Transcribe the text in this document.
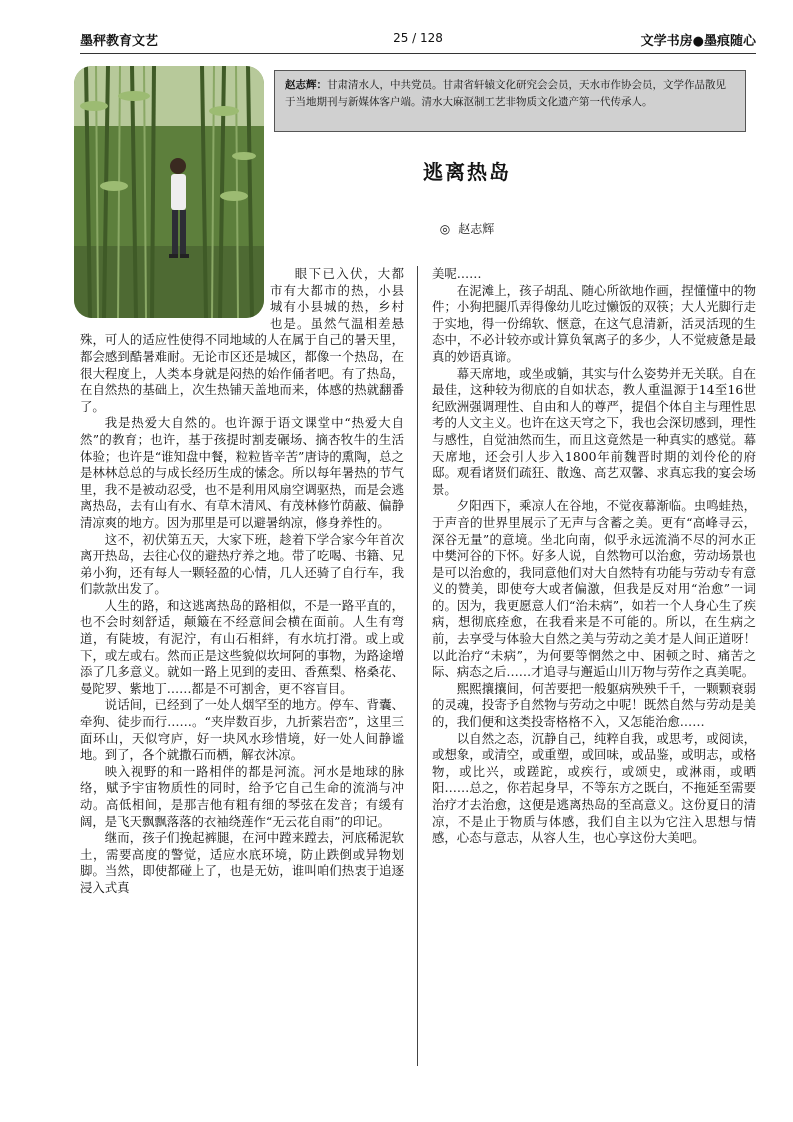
墨秤教育文艺	25 / 128	文学书房●墨痕随心
赵志辉：甘肃清水人，中共党员。甘肃省轩辕文化研究会会员，天水市作协会员，文学作品散见于当地期刊与新媒体客户端。清水大麻沤制工艺非物质文化遗产第一代传承人。
逃离热岛
◎ 赵志辉

眼下已入伏，大都市有大都市的热，小县城有小县城的热，乡村也是。虽然气温相差悬殊，可人的适应性使得不同地域的人在属于自己的暑天里，都会感到酷暑难耐。无论市区还是城区，都像一个热岛，在很大程度上，人类本身就是闷热的始作俑者吧。有了热岛，在自然热的基础上，次生热铺天盖地而来，体感的热就翻番了。

我是热爱大自然的。也许源于语文课堂中“热爱大自然”的教育；也许，基于孩提时割麦碾场、摘杏牧牛的生活体验；也许是“谁知盘中餐，粒粒皆辛苦”唐诗的熏陶，总之是林林总总的与成长经历生成的愫念。所以每年暑热的节气里，我不是被动忍受，也不是利用风扇空调驱热，而是会逃离热岛，去有山有水、有草木清风、有茂林修竹荫蔽、偏静清凉爽的地方。因为那里是可以避暑纳凉，修身养性的。

这不，初伏第五天，大家下班，趁着下学合家今年首次离开热岛，去往心仪的避热疗养之地。带了吃喝、书籍、兄弟小狗，还有每人一颗轻盈的心情，几人还骑了自行车，我们款款出发了。

人生的路，和这逃离热岛的路相似，不是一路平直的，也不会时刻舒适，颠簸在不经意间会横在面前。人生有弯道，有陡坡，有泥泞，有山石相絆，有水坑打滑。或上或下，或左或右。然而正是这些貌似坎坷阿的事物，为路途增添了几多意义。就如一路上见到的麦田、香蕉梨、格桑花、曼陀罗、紫地丁……都是不可割舍，更不容盲目。

说话间，已经到了一处人烟罕至的地方。停车、背囊、牵狗、徒步而行……。“夹岸数百步，九折萦岩峦”，这里三面环山，天似穹庐，好一块风水珍惜境，好一处人间静谧地。到了，各个就撒石而栖，解衣沐凉。

映入视野的和一路相伴的都是河流。河水是地球的脉络，赋予宇宙物质性的同时，给予它自己生命的流淌与冲动。高低相间，是那吉他有粗有细的琴弦在发音；有缓有阔，是飞天飘飘落落的衣袖绕莲作“无云花自雨”的印记。

继而，孩子们挽起裤腿，在河中蹚来蹚去，河底稀泥软土，需要高度的警觉，适应水底环境，防止跌倒或异物划脚。当然，即使都碰上了，也是无妨，谁叫咱们热衷于追逐浸入式真

美呢……

在泥滩上，孩子胡乱、随心所欲地作画，捏懂懂中的物件；小狗把腿爪弄得像幼儿吃过懒饭的双筷；大人光脚行走于实地，得一份绵软、惬意，在这气息清新，活灵活现的生态中，不必计较亦或计算负氧离子的多少，人不觉疲惫是最真的妙语真谛。

幕天席地，或坐或躺，其实与什么姿势并无关联。自在最佳，这种较为彻底的自如状态，教人重温源于14至16世纪欧洲强调理性、自由和人的尊严，提倡个体自主与理性思考的人文主义。也许在这天穹之下，我也会深切感到，理性与感性，自觉油然而生，而且这竟然是一种真实的感觉。幕天席地，还会引人步入1800年前魏晋时期的刘伶伦的府邸。观看诸贤们疏狂、散逸、高艺双馨、求真忘我的宴会场景。

夕阳西下，乘凉人在谷地，不觉夜幕渐临。虫鸣蛙热，于声音的世界里展示了无声与含蓄之美。更有“高峰寻云，深谷无量”的意境。坐北向南，似乎永远流淌不尽的河水正中樊河谷的下怀。好多人说，自然物可以治愈，劳动场景也是可以治愈的，我同意他们对大自然特有功能与劳动专有意义的赞美，即使夸大或者偏激，但我是反对用“治愈”一词的。因为，我更愿意人们“治未病”，如若一个人身心生了疾病，想彻底痊愈，在我看来是不可能的。所以，在生病之前，去享受与体验大自然之美与劳动之美才是人间正道呀！以此治疗“未病”，为何要等惘然之中、困顿之时、痛苦之际、病态之后……才追寻与邂逅山川万物与劳作之真美呢。

熙熙攘攘间，何苦要把一般躯病殃殃千千，一颗颗衰弱的灵魂，投寄予自然物与劳动之中呢！既然自然与劳动是美的，我们便和这类投寄格格不入，又怎能治愈……

以自然之态，沉静自己，纯粹自我，或思考，或阅读，或想象，或清空，或重塑，或回味，或品鉴，或明志，或格物，或比兴，或蹉跎，或疾行，或颂史，或淋雨，或晒阳……总之，你若起身早，不等东方之既白，不拖延至需要治疗才去治愈，这便是逃离热岛的至高意义。这份夏日的清凉，不是止于物质与体感，我们自主以为它注入思想与情感，心态与意志，从容人生，也心享这份大美吧。
